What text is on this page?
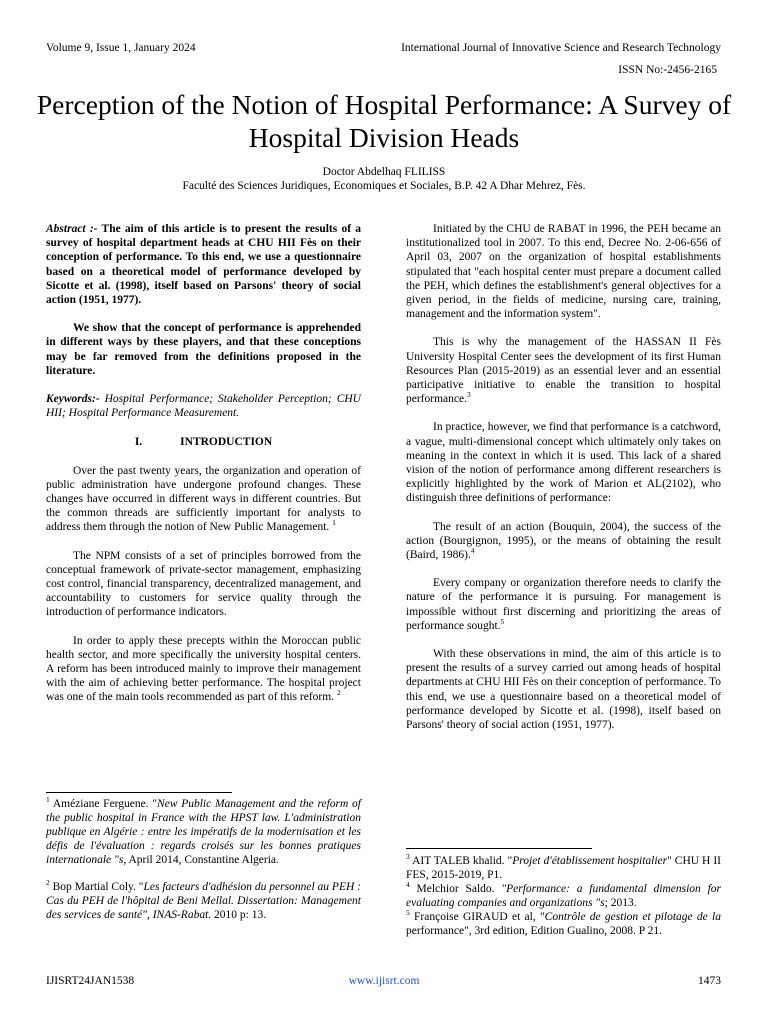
Volume 9, Issue 1, January 2024	International Journal of Innovative Science and Research Technology
ISSN No:-2456-2165
Perception of the Notion of Hospital Performance: A Survey of Hospital Division Heads
Doctor Abdelhaq FLILISS
Faculté des Sciences Juridiques, Economiques et Sociales, B.P. 42 A Dhar Mehrez, Fès.

Abstract :- The aim of this article is to present the results of a survey of hospital department heads at CHU HII Fès on their conception of performance. To this end, we use a questionnaire based on a theoretical model of performance developed by Sicotte et al. (1998), itself based on Parsons' theory of social action (1951, 1977).

We show that the concept of performance is apprehended in different ways by these players, and that these conceptions may be far removed from the definitions proposed in the literature.

Keywords:- Hospital Performance; Stakeholder Perception; CHU HII; Hospital Performance Measurement.

I.	INTRODUCTION

Over the past twenty years, the organization and operation of public administration have undergone profound changes. These changes have occurred in different ways in different countries. But the common threads are sufficiently important for analysts to address them through the notion of New Public Management. $^1$

The NPM consists of a set of principles borrowed from the conceptual framework of private-sector management, emphasizing cost control, financial transparency, decentralized management, and accountability to customers for service quality through the introduction of performance indicators.

In order to apply these precepts within the Moroccan public health sector, and more specifically the university hospital centers. A reform has been introduced mainly to improve their management with the aim of achieving better performance. The hospital project was one of the main tools recommended as part of this reform. $^2$

Initiated by the CHU de RABAT in 1996, the PEH became an institutionalized tool in 2007. To this end, Decree No. 2-06-656 of April 03, 2007 on the organization of hospital establishments stipulated that "each hospital center must prepare a document called the PEH, which defines the establishment's general objectives for a given period, in the fields of medicine, nursing care, training, management and the information system".

This is why the management of the HASSAN II Fès University Hospital Center sees the development of its first Human Resources Plan (2015-2019) as an essential lever and an essential participative initiative to enable the transition to hospital performance.$^3$

In practice, however, we find that performance is a catchword, a vague, multi-dimensional concept which ultimately only takes on meaning in the context in which it is used. This lack of a shared vision of the notion of performance among different researchers is explicitly highlighted by the work of Marion et AL(2102), who distinguish three definitions of performance:

The result of an action (Bouquin, 2004), the success of the action (Bourgignon, 1995), or the means of obtaining the result (Baird, 1986).$^4$

Every company or organization therefore needs to clarify the nature of the performance it is pursuing. For management is impossible without first discerning and prioritizing the areas of performance sought.$^5$

With these observations in mind, the aim of this article is to present the results of a survey carried out among heads of hospital departments at CHU HII Fès on their conception of performance. To this end, we use a questionnaire based on a theoretical model of performance developed by Sicotte et al. (1998), itself based on Parsons' theory of social action (1951, 1977).

$^1$ Améziane Ferguene. "New Public Management and the reform of the public hospital in France with the HPST law. L'administration publique en Algérie : entre les impératifs de la modernisation et les défis de l'évaluation : regards croisés sur les bonnes pratiques internationale "s, April 2014, Constantine Algeria.

$^2$ Bop Martial Coly. "Les facteurs d'adhésion du personnel au PEH : Cas du PEH de l'hôpital de Beni Mellal. Dissertation: Management des services de santé", INAS-Rabat. 2010 p: 13.

$^3$ AIT TALEB khalid. "Projet d'établissement hospitalier" CHU H II FES, 2015-2019, P1.

$^4$ Melchior Saldo. "Performance: a fundamental dimension for evaluating companies and organizations "s; 2013.

$^5$ Françoise GIRAUD et al, "Contrôle de gestion et pilotage de la performance", 3rd edition, Edition Gualino, 2008. P 21.

IJISRT24JAN1538	www.ijisrt.com	1473
